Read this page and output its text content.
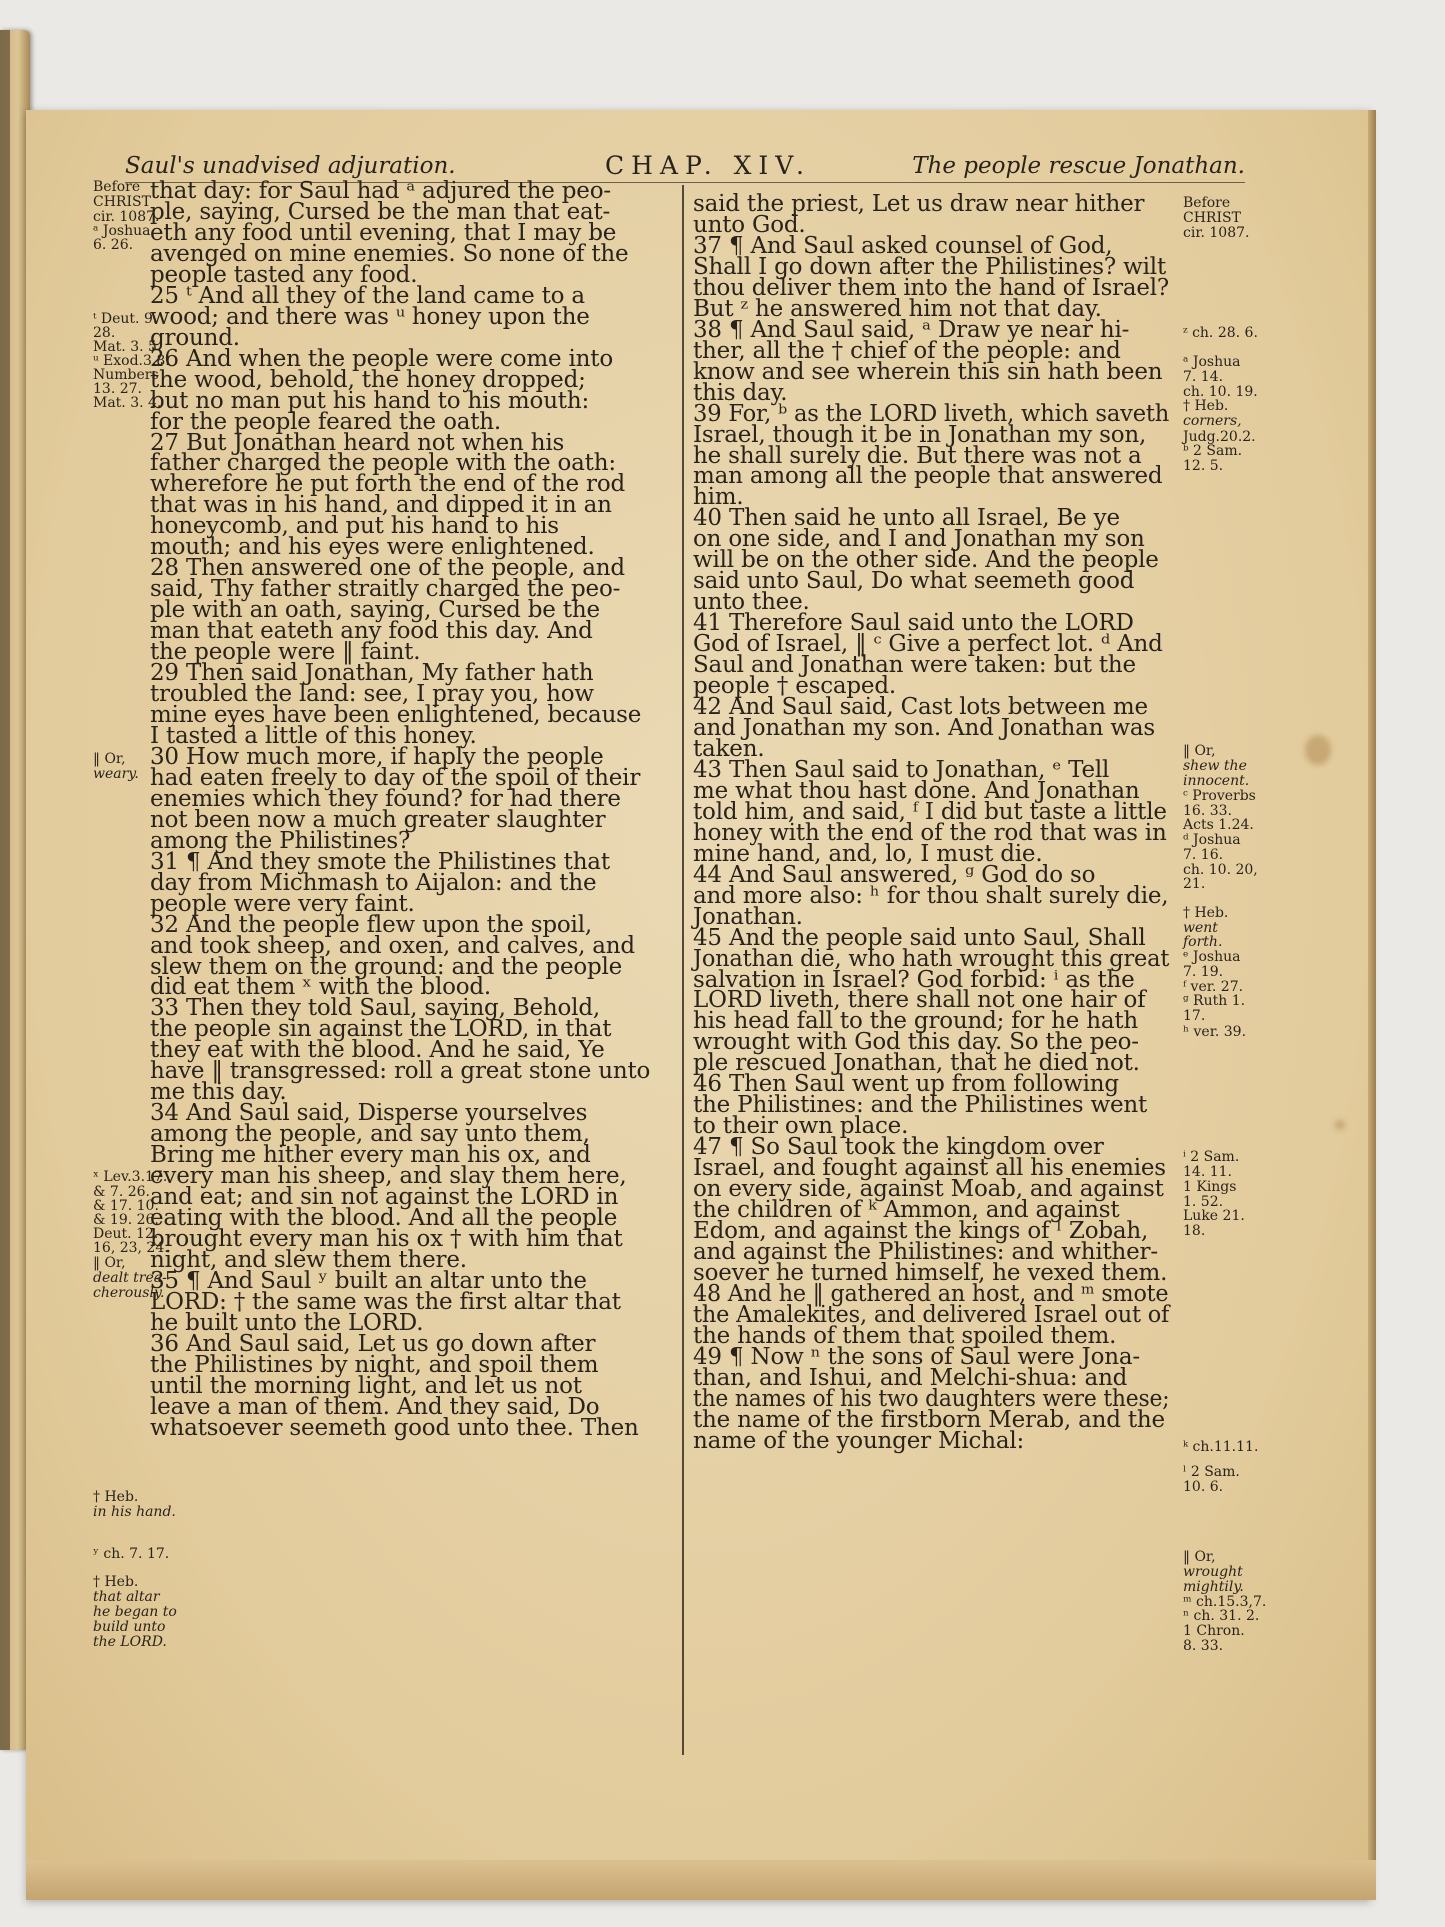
Saul's unadvised adjuration.	CHAP. XIV.	The people rescue Jonathan.
that day: for Saul had ᵃ adjured the peo-
ple, saying, Cursed be the man that eat-
eth any food until evening, that I may be
avenged on mine enemies. So none of the
people tasted any food.
25 ᵗ And all they of the land came to a
wood; and there was ᵘ honey upon the
ground.
26 And when the people were come into
the wood, behold, the honey dropped;
but no man put his hand to his mouth:
for the people feared the oath.
27 But Jonathan heard not when his
father charged the people with the oath:
wherefore he put forth the end of the rod
that was in his hand, and dipped it in an
honeycomb, and put his hand to his
mouth; and his eyes were enlightened.
28 Then answered one of the people, and
said, Thy father straitly charged the peo-
ple with an oath, saying, Cursed be the
man that eateth any food this day. And
the people were ‖ faint.
29 Then said Jonathan, My father hath
troubled the land: see, I pray you, how
mine eyes have been enlightened, because
I tasted a little of this honey.
30 How much more, if haply the people
had eaten freely to day of the spoil of their
enemies which they found? for had there
not been now a much greater slaughter
among the Philistines?
31 ¶ And they smote the Philistines that
day from Michmash to Aijalon: and the
people were very faint.
32 And the people flew upon the spoil,
and took sheep, and oxen, and calves, and
slew them on the ground: and the people
did eat them ˣ with the blood.
33 Then they told Saul, saying, Behold,
the people sin against the LORD, in that
they eat with the blood. And he said, Ye
have ‖ transgressed: roll a great stone unto
me this day.
34 And Saul said, Disperse yourselves
among the people, and say unto them,
Bring me hither every man his ox, and
every man his sheep, and slay them here,
and eat; and sin not against the LORD in
eating with the blood. And all the people
brought every man his ox † with him that
night, and slew them there.
35 ¶ And Saul ʸ built an altar unto the
LORD: † the same was the first altar that
he built unto the LORD.
36 And Saul said, Let us go down after
the Philistines by night, and spoil them
until the morning light, and let us not
leave a man of them. And they said, Do
whatsoever seemeth good unto thee. Then
said the priest, Let us draw near hither
unto God.
37 ¶ And Saul asked counsel of God,
Shall I go down after the Philistines? wilt
thou deliver them into the hand of Israel?
But ᶻ he answered him not that day.
38 ¶ And Saul said, ᵃ Draw ye near hi-
ther, all the † chief of the people: and
know and see wherein this sin hath been
this day.
39 For, ᵇ as the LORD liveth, which saveth
Israel, though it be in Jonathan my son,
he shall surely die. But there was not a
man among all the people that answered
him.
40 Then said he unto all Israel, Be ye
on one side, and I and Jonathan my son
will be on the other side. And the people
said unto Saul, Do what seemeth good
unto thee.
41 Therefore Saul said unto the LORD
God of Israel, ‖ ᶜ Give a perfect lot. ᵈ And
Saul and Jonathan were taken: but the
people † escaped.
42 And Saul said, Cast lots between me
and Jonathan my son. And Jonathan was
taken.
43 Then Saul said to Jonathan, ᵉ Tell
me what thou hast done. And Jonathan
told him, and said, ᶠ I did but taste a little
honey with the end of the rod that was in
mine hand, and, lo, I must die.
44 And Saul answered, ᵍ God do so
and more also: ʰ for thou shalt surely die,
Jonathan.
45 And the people said unto Saul, Shall
Jonathan die, who hath wrought this great
salvation in Israel? God forbid: ⁱ as the
LORD liveth, there shall not one hair of
his head fall to the ground; for he hath
wrought with God this day. So the peo-
ple rescued Jonathan, that he died not.
46 Then Saul went up from following
the Philistines: and the Philistines went
to their own place.
47 ¶ So Saul took the kingdom over
Israel, and fought against all his enemies
on every side, against Moab, and against
the children of ᵏ Ammon, and against
Edom, and against the kings of ˡ Zobah,
and against the Philistines: and whither-
soever he turned himself, he vexed them.
48 And he ‖ gathered an host, and ᵐ smote
the Amalekites, and delivered Israel out of
the hands of them that spoiled them.
49 ¶ Now ⁿ the sons of Saul were Jona-
than, and Ishui, and Melchi-shua: and
the names of his two daughters were these;
the name of the firstborn Merab, and the
name of the younger Michal:
Before
CHRIST
cir. 1087.
ᵃ Joshua
6. 26.
ᵗ Deut. 9.
28.
Mat. 3. 5.
ᵘ Exod.3.8.
Numbers
13. 27.
Mat. 3. 4.
‖ Or,
weary.
ˣ Lev.3.17.
& 7. 26.
& 17. 10.
& 19. 26.
Deut. 12.
16, 23, 24.
‖ Or,
dealt trea-
cherously.
† Heb.
in his hand.
ʸ ch. 7. 17.
† Heb.
that altar
he began to
build unto
the LORD.
Before
CHRIST
cir. 1087.
ᶻ ch. 28. 6.
ᵃ Joshua
7. 14.
ch. 10. 19.
† Heb.
corners,
Judg.20.2.
ᵇ 2 Sam.
12. 5.
‖ Or,
shew the
innocent.
ᶜ Proverbs
16. 33.
Acts 1.24.
ᵈ Joshua
7. 16.
ch. 10. 20,
21.
† Heb.
went
forth.
ᵉ Joshua
7. 19.
ᶠ ver. 27.
ᵍ Ruth 1.
17.
ʰ ver. 39.
ⁱ 2 Sam.
14. 11.
1 Kings
1. 52.
Luke 21.
18.
ᵏ ch.11.11.
ˡ 2 Sam.
10. 6.
‖ Or,
wrought
mightily.
ᵐ ch.15.3,7.
ⁿ ch. 31. 2.
1 Chron.
8. 33.
